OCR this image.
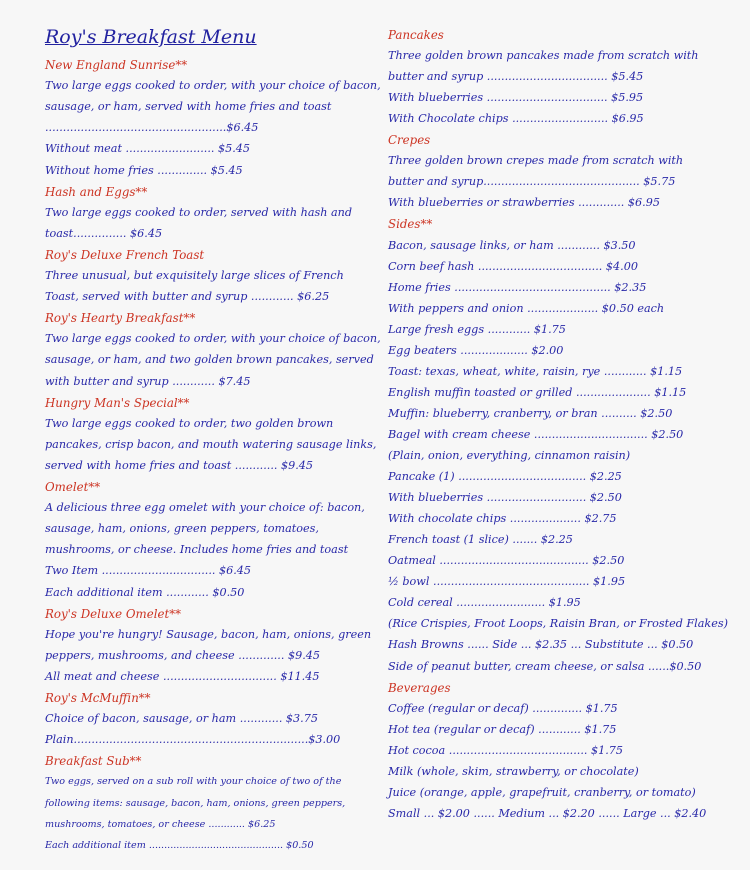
Roy's Breakfast Menu
New England Sunrise**
Two large eggs cooked to order, with your choice of bacon,
sausage, or ham, served with home fries and toast
...................................................$6.45
Without meat ......................... $5.45
Without home fries .............. $5.45
Hash and Eggs**
Two large eggs cooked to order, served with hash and
toast............... $6.45
Roy's Deluxe French Toast
Three unusual, but exquisitely large slices of French
Toast, served with butter and syrup ............ $6.25
Roy's Hearty Breakfast**
Two large eggs cooked to order, with your choice of bacon,
sausage, or ham, and two golden brown pancakes, served
with butter and syrup ............ $7.45
Hungry Man's Special**
Two large eggs cooked to order, two golden brown
pancakes, crisp bacon, and mouth watering sausage links,
served with home fries and toast ............ $9.45
Omelet**
A delicious three egg omelet with your choice of: bacon,
sausage, ham, onions, green peppers, tomatoes,
mushrooms, or cheese. Includes home fries and toast
Two Item ................................ $6.45
Each additional item ............ $0.50
Roy's Deluxe Omelet**
Hope you're hungry! Sausage, bacon, ham, onions, green
peppers, mushrooms, and cheese ............. $9.45
All meat and cheese ................................ $11.45
Roy's McMuffin**
Choice of bacon, sausage, or ham ............ $3.75
Plain..................................................................$3.00
Breakfast Sub**
Two eggs, served on a sub roll with your choice of two of the
following items: sausage, bacon, ham, onions, green peppers,
mushrooms, tomatoes, or cheese ............ $6.25
Each additional item ............................................ $0.50
Pancakes
Three golden brown pancakes made from scratch with
butter and syrup .................................. $5.45
With blueberries .................................. $5.95
With Chocolate chips ........................... $6.95
Crepes
Three golden brown crepes made from scratch with
butter and syrup............................................ $5.75
With blueberries or strawberries ............. $6.95
Sides**
Bacon, sausage links, or ham ............ $3.50
Corn beef hash ................................... $4.00
Home fries ............................................ $2.35
With peppers and onion .................... $0.50 each
Large fresh eggs ............ $1.75
Egg beaters ................... $2.00
Toast: texas, wheat, white, raisin, rye ............ $1.15
English muffin toasted or grilled ..................... $1.15
Muffin: blueberry, cranberry, or bran .......... $2.50
Bagel with cream cheese ................................ $2.50
(Plain, onion, everything, cinnamon raisin)
Pancake (1) .................................... $2.25
With blueberries ............................ $2.50
With chocolate chips .................... $2.75
French toast (1 slice) ....... $2.25
Oatmeal .......................................... $2.50
½ bowl ............................................ $1.95
Cold cereal ......................... $1.95
(Rice Crispies, Froot Loops, Raisin Bran, or Frosted Flakes)
Hash Browns ...... Side ... $2.35 ... Substitute ... $0.50
Side of peanut butter, cream cheese, or salsa ......$0.50
Beverages
Coffee (regular or decaf) .............. $1.75
Hot tea (regular or decaf) ............ $1.75
Hot cocoa ....................................... $1.75
Milk (whole, skim, strawberry, or chocolate)
Juice (orange, apple, grapefruit, cranberry, or tomato)
Small ... $2.00 ...... Medium ... $2.20 ...... Large ... $2.40
